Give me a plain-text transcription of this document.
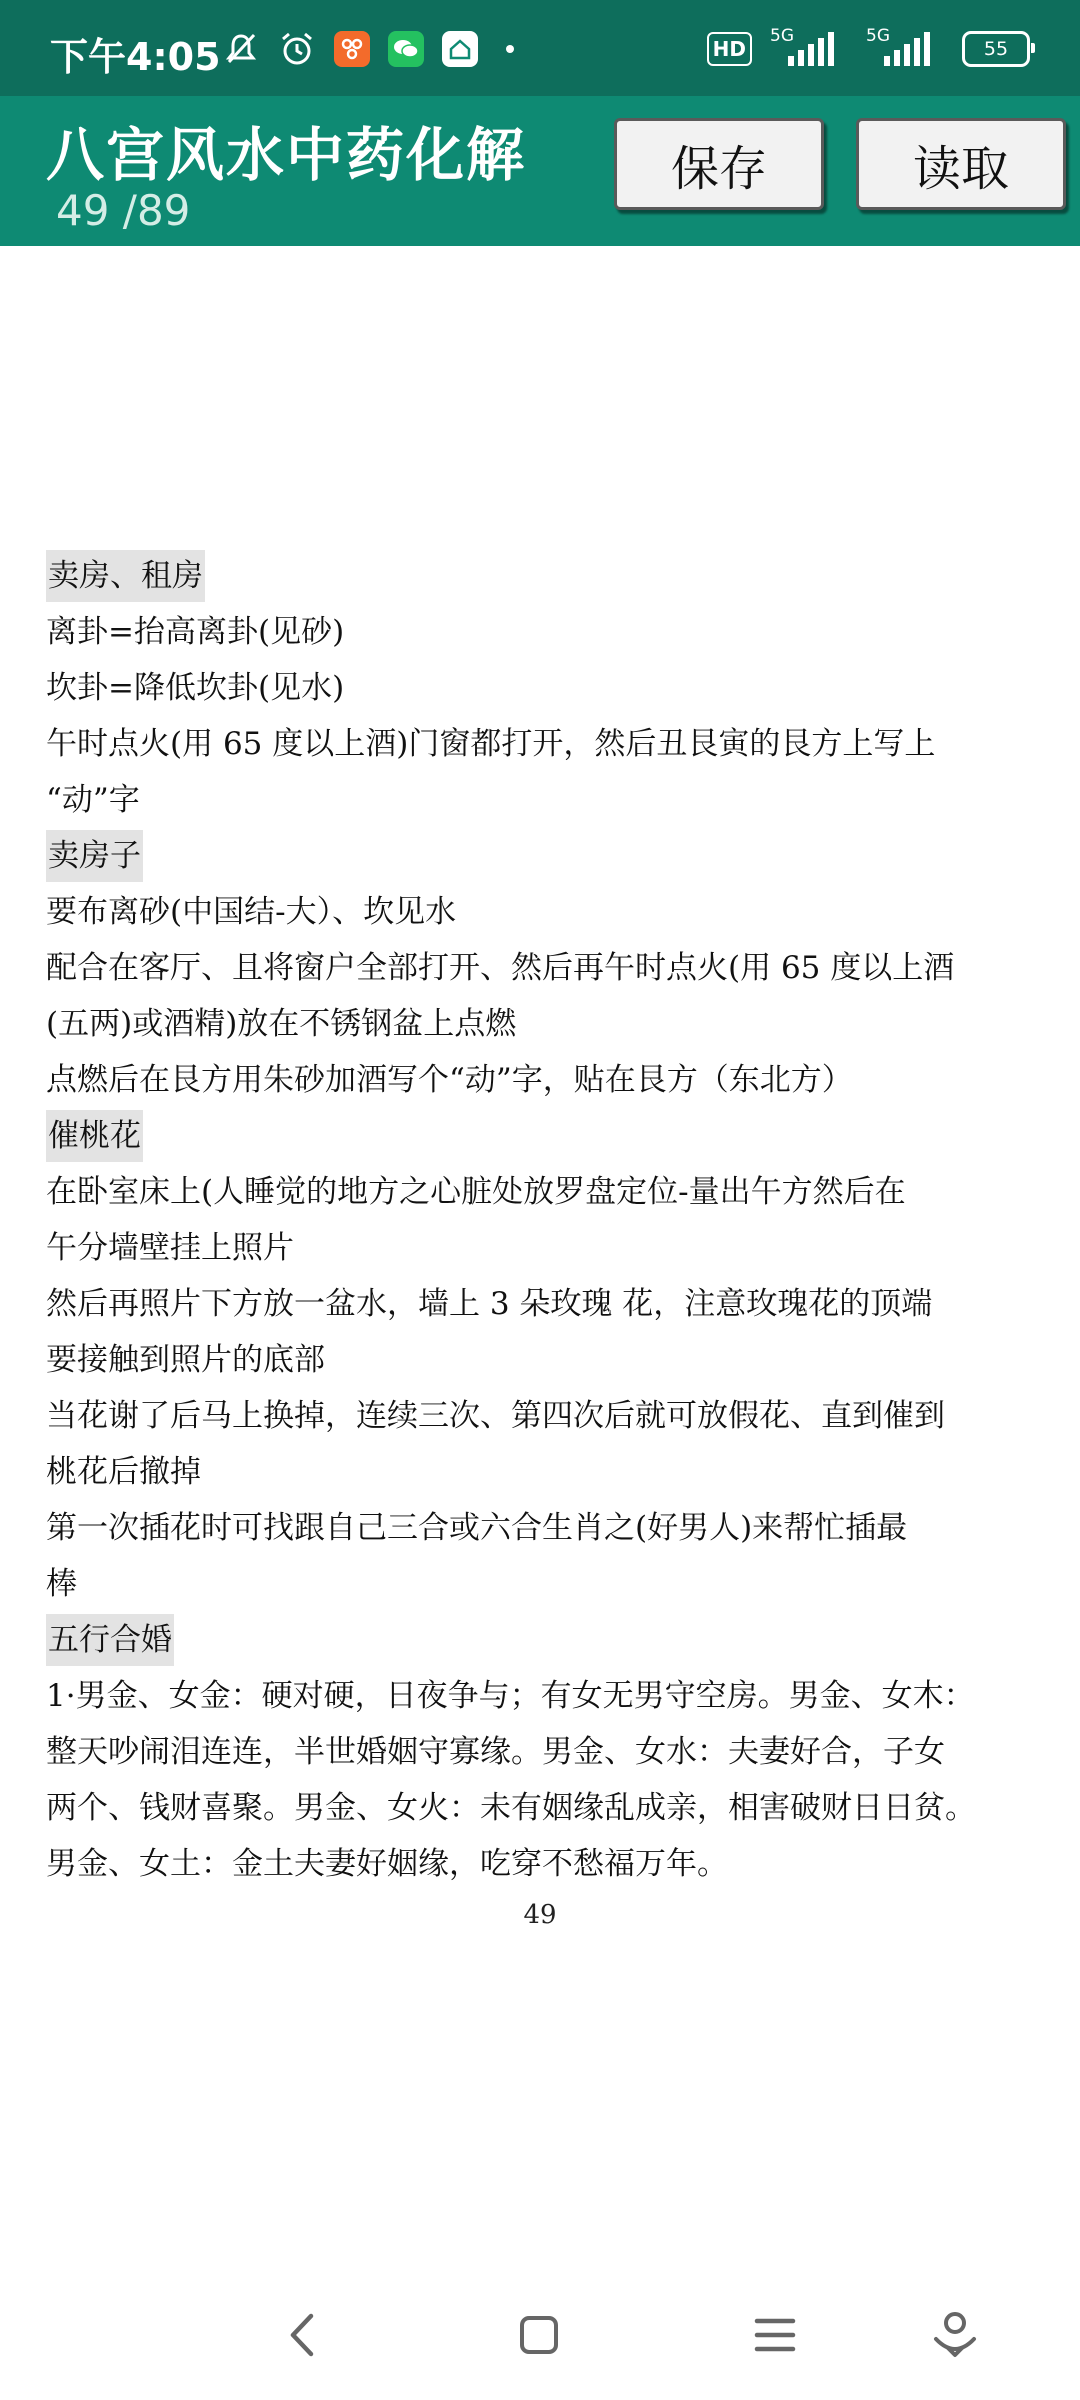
下午4:05	HD
5G	5G
55
八宫风水中药化解
49 /89
保存	读取
卖房、租房
离卦=抬高离卦(见砂)
坎卦=降低坎卦(见水)
午时点火(用 65 度以上酒)门窗都打开，然后丑艮寅的艮方上写上
“动”字
卖房子
要布离砂(中国结-大）、坎见水
配合在客厅、且将窗户全部打开、然后再午时点火(用 65 度以上酒
(五两)或酒精)放在不锈钢盆上点燃
点燃后在艮方用朱砂加酒写个“动”字，贴在艮方（东北方）
催桃花
在卧室床上(人睡觉的地方之心脏处放罗盘定位-量出午方然后在
午分墙壁挂上照片
然后再照片下方放一盆水，墙上 3 朵玫瑰 花，注意玫瑰花的顶端
要接触到照片的底部
当花谢了后马上换掉，连续三次、第四次后就可放假花、直到催到
桃花后撤掉
第一次插花时可找跟自己三合或六合生肖之(好男人)来帮忙插最
棒
五行合婚
1·男金、女金：硬对硬，日夜争与；有女无男守空房。男金、女木：
整天吵闹泪连连，半世婚姻守寡缘。男金、女水：夫妻好合，子女
两个、钱财喜聚。男金、女火：未有姻缘乱成亲，相害破财日日贫。
男金、女土：金土夫妻好姻缘，吃穿不愁福万年。
49
